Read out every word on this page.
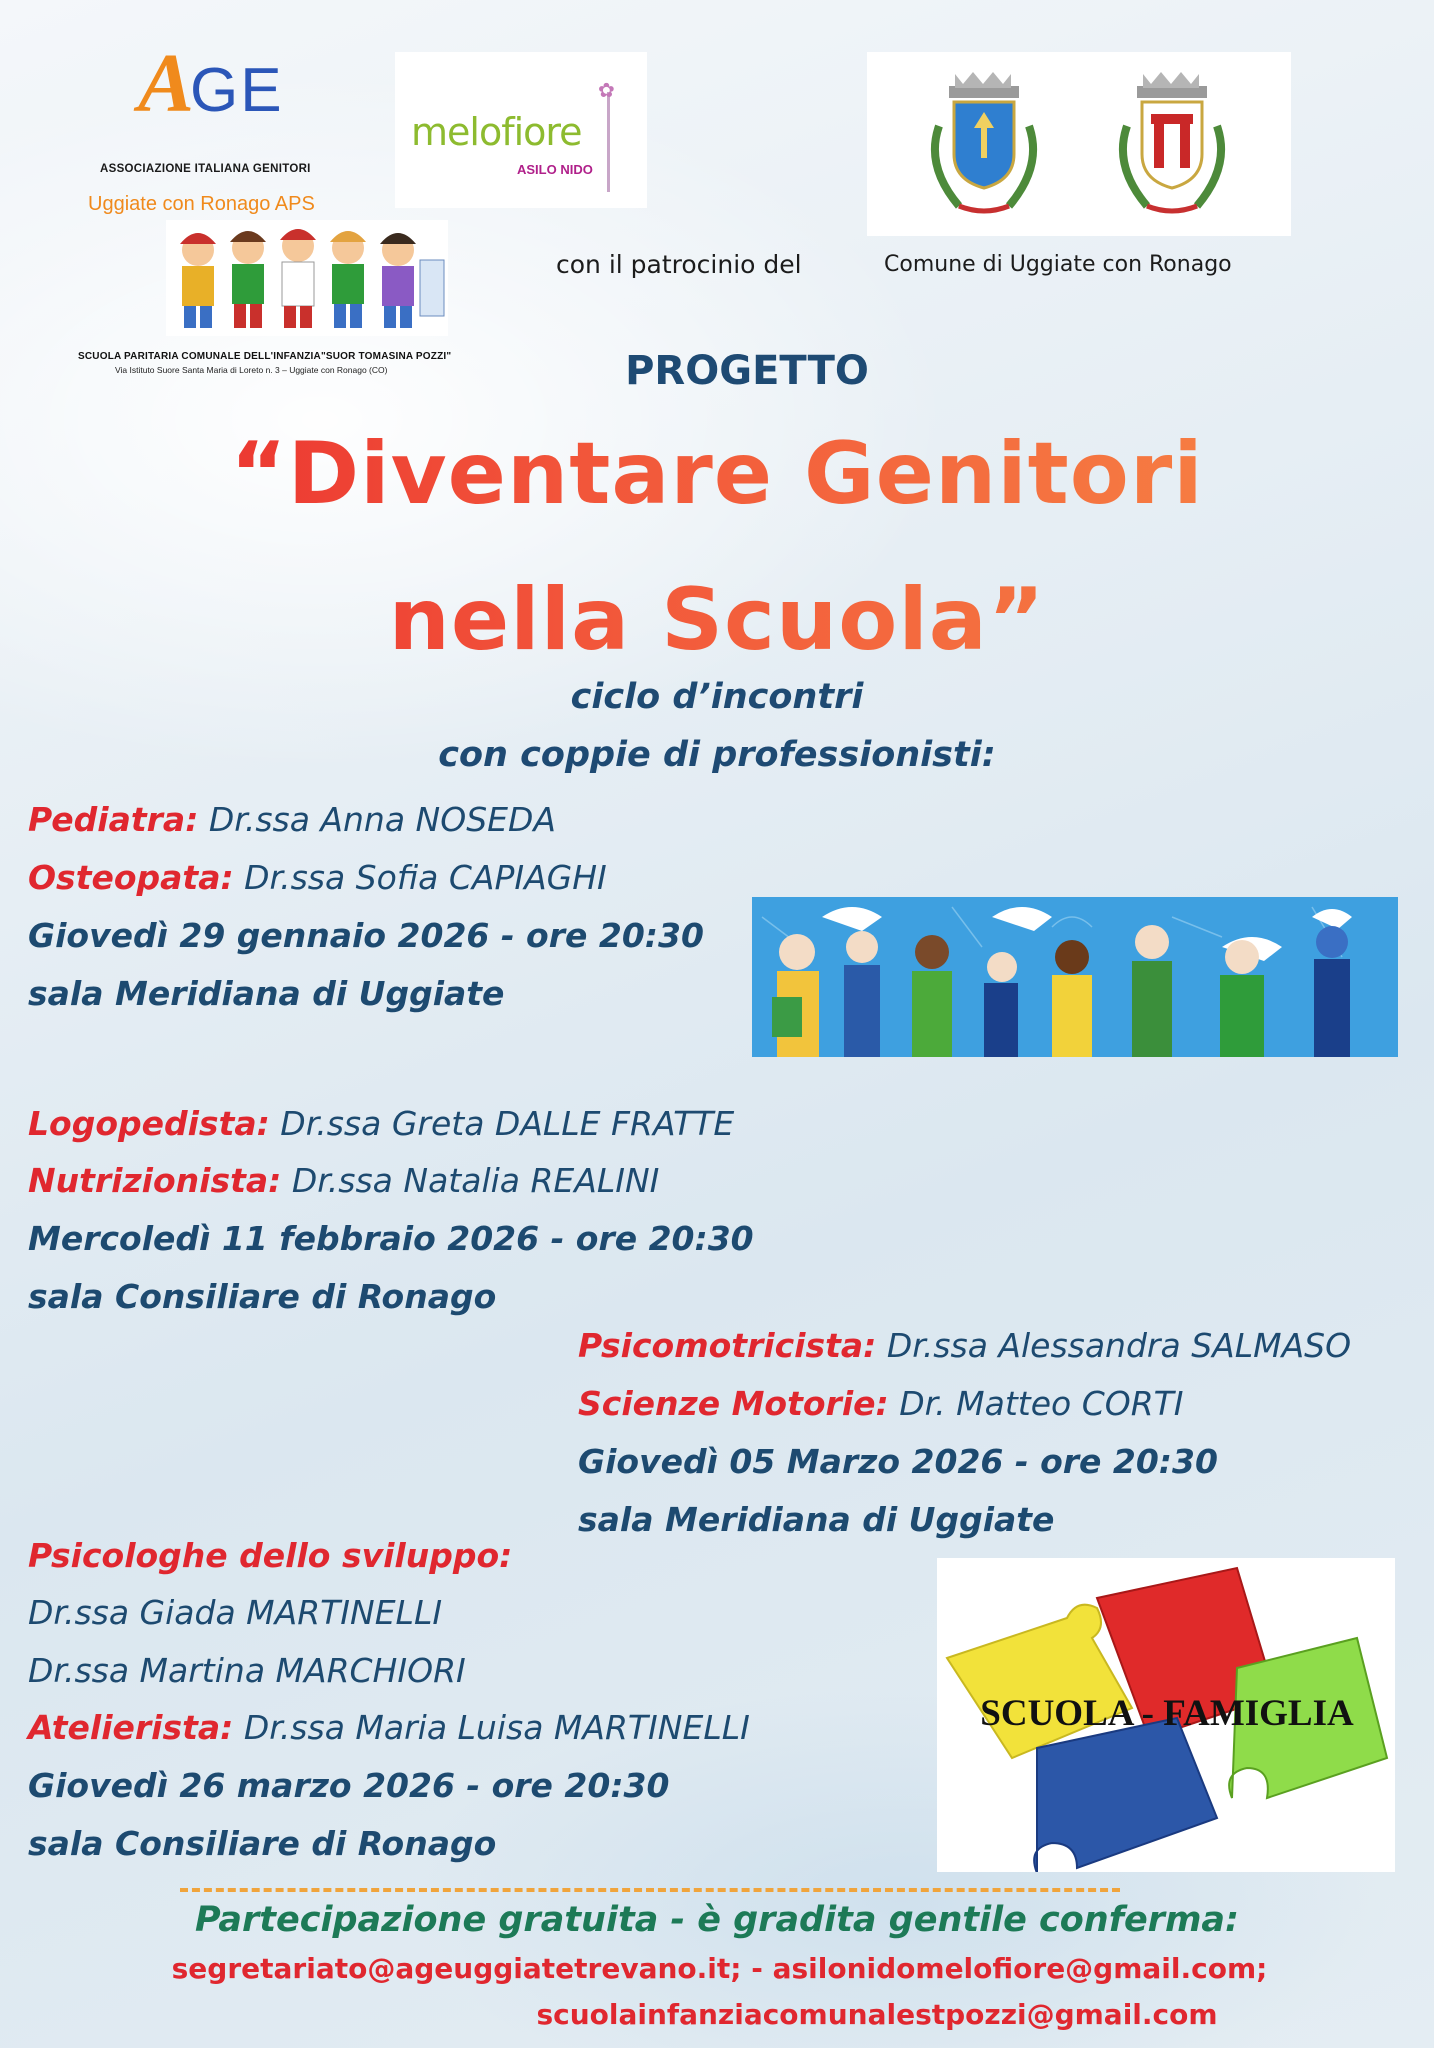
AGE
ASSOCIAZIONE ITALIANA GENITORI
Uggiate con Ronago APS
melofiore
ASILO NIDO
✿
SCUOLA PARITARIA COMUNALE DELL'INFANZIA"SUOR TOMASINA POZZI"
Via Istituto Suore Santa Maria di Loreto n. 3 – Uggiate con Ronago (CO)
con il patrocinio del	Comune di Uggiate con Ronago
PROGETTO
“Diventare Genitori
nella Scuola”
ciclo d’incontri
con coppie di professionisti:
Pediatra: Dr.ssa Anna NOSEDA
Osteopata: Dr.ssa Sofia CAPIAGHI
Giovedì 29 gennaio 2026 - ore 20:30
sala Meridiana di Uggiate
Logopedista: Dr.ssa Greta DALLE FRATTE
Nutrizionista: Dr.ssa Natalia REALINI
Mercoledì 11 febbraio 2026 - ore 20:30
sala Consiliare di Ronago
Psicomotricista: Dr.ssa Alessandra SALMASO
Scienze Motorie: Dr. Matteo CORTI
Giovedì 05 Marzo 2026 - ore 20:30
sala Meridiana di Uggiate
Psicologhe dello sviluppo:
Dr.ssa Giada MARTINELLI
Dr.ssa Martina MARCHIORI
Atelierista: Dr.ssa Maria Luisa MARTINELLI
Giovedì 26 marzo 2026 - ore 20:30
sala Consiliare di Ronago
SCUOLA - FAMIGLIA
Partecipazione gratuita - è gradita gentile conferma:
segretariato@ageuggiatetrevano.it; - asilonidomelofiore@gmail.com;
scuolainfanziacomunalestpozzi@gmail.com
